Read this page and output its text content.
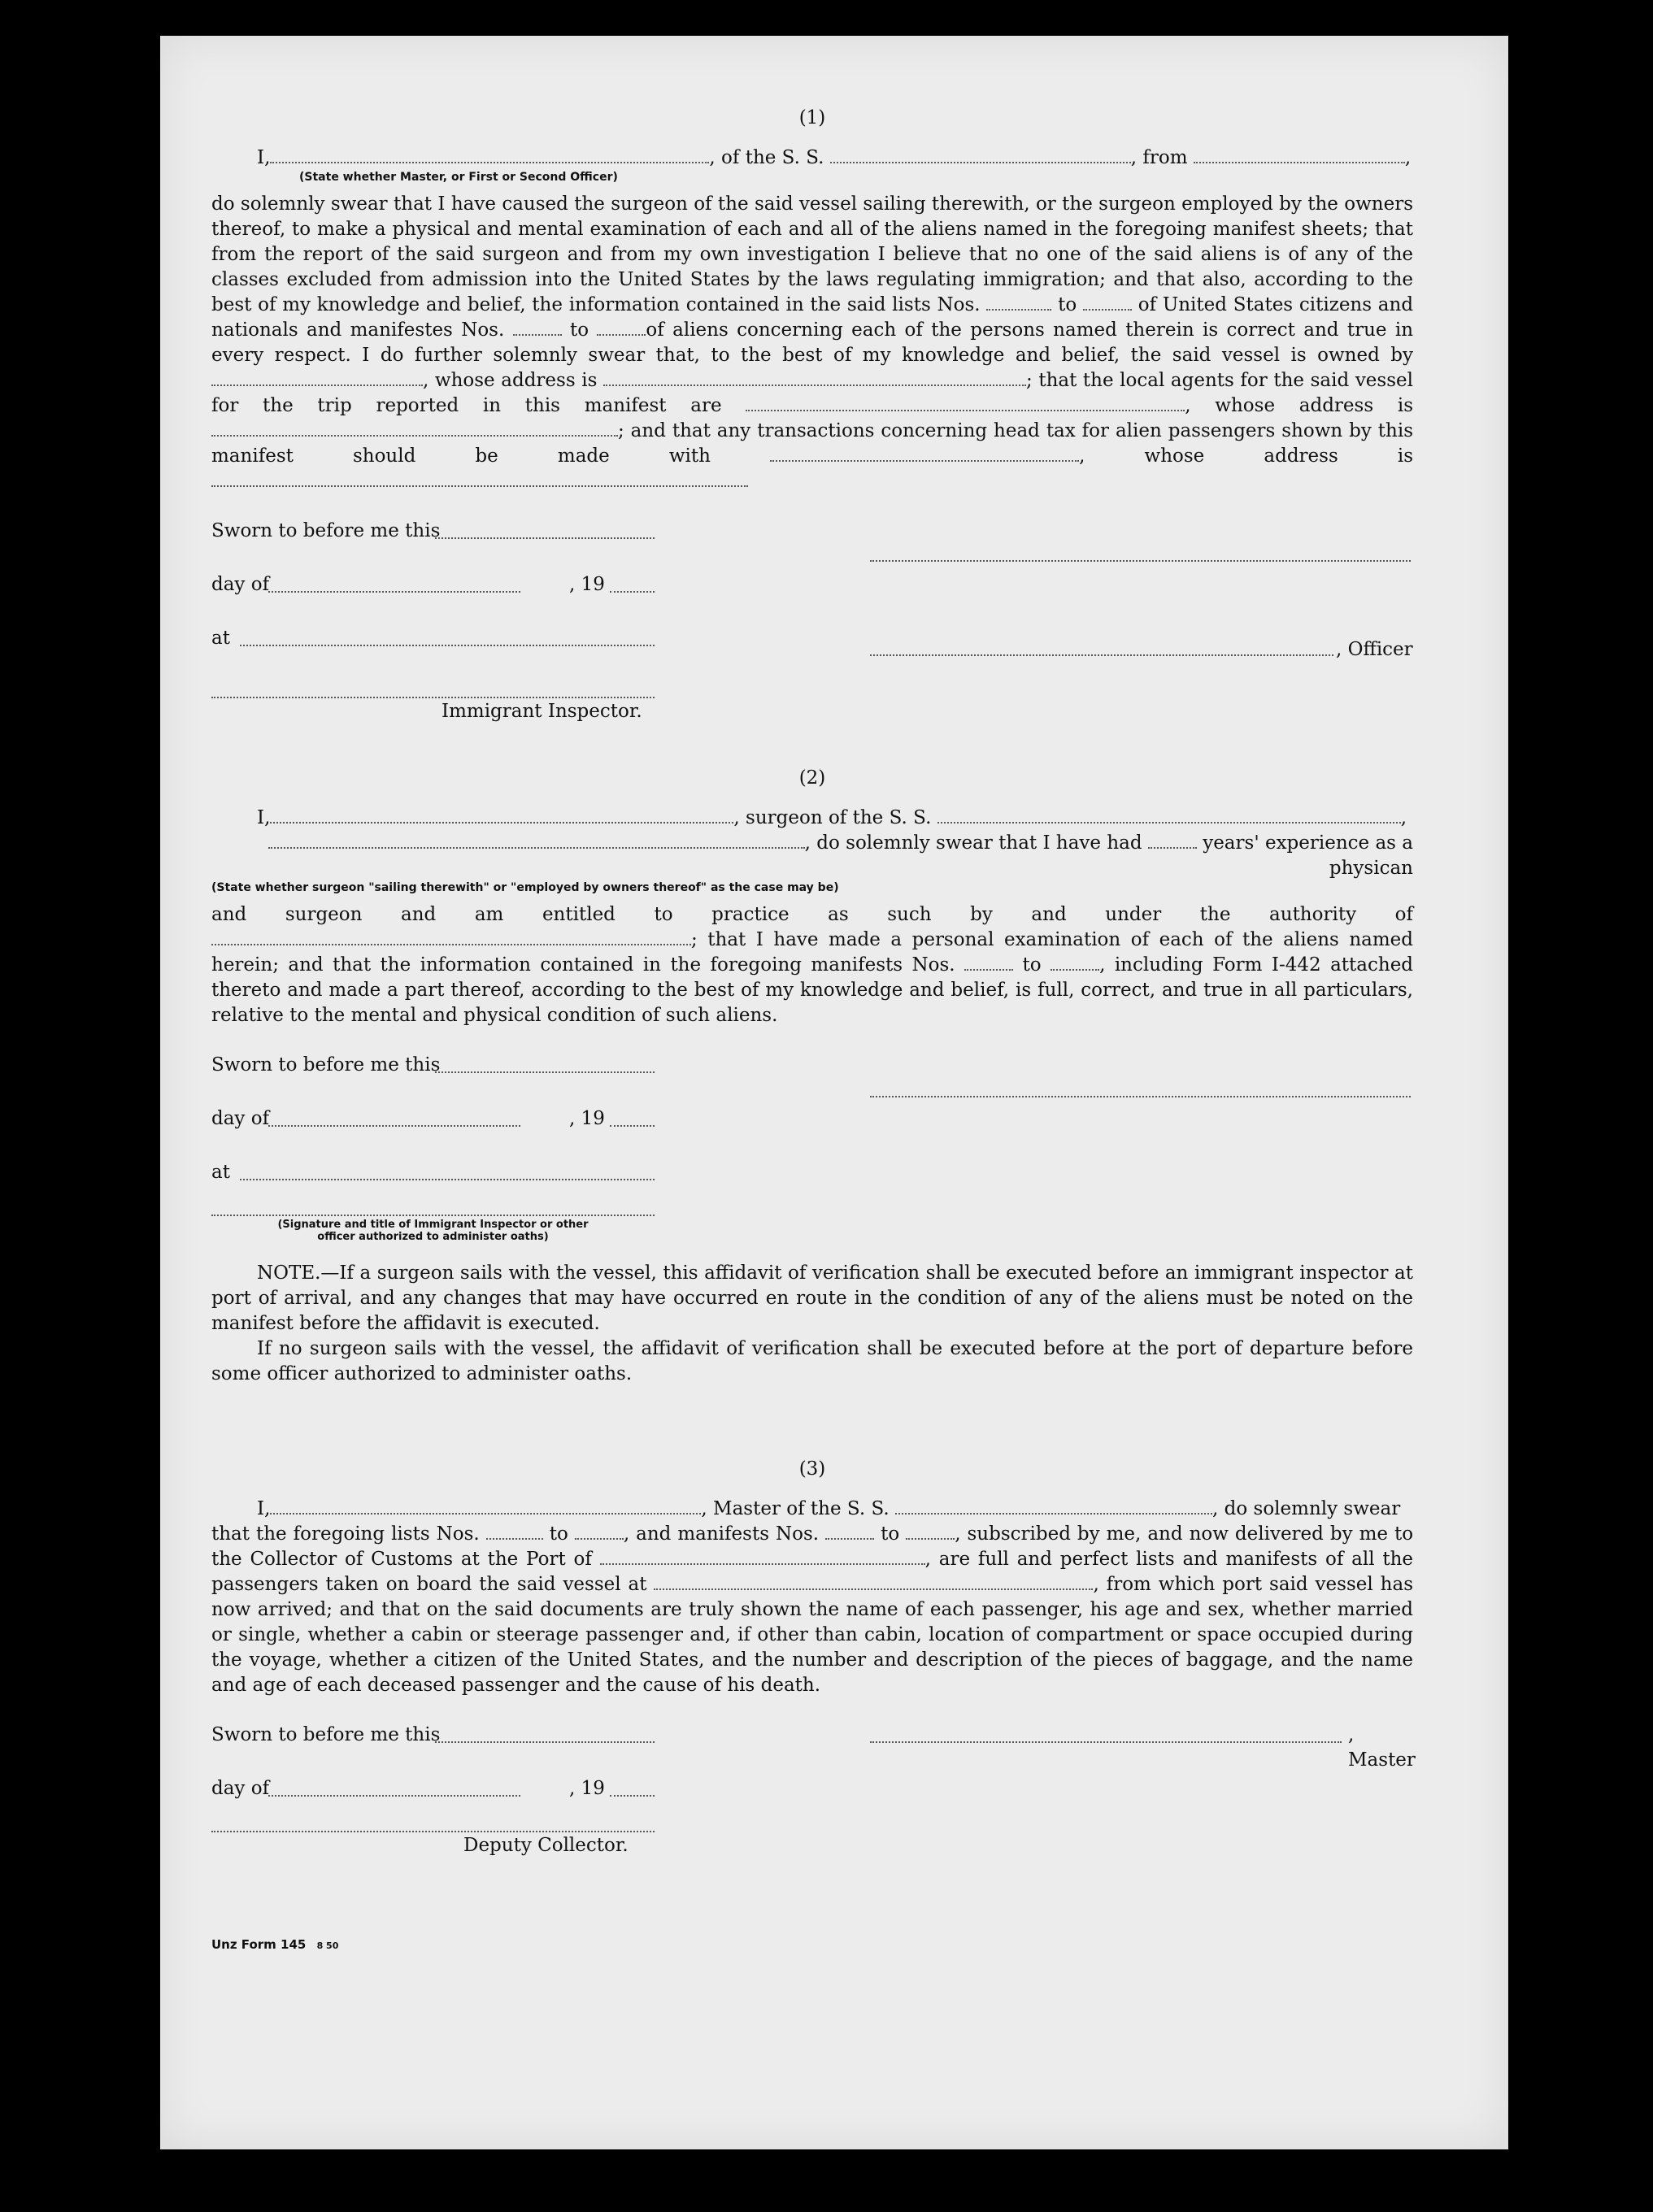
(1)

I,	, of the S. S.	, from	,

(State whether Master, or First or Second Officer)

do solemnly swear that I have caused the surgeon of the said vessel sailing therewith, or the surgeon employed by the owners thereof, to make a physical and mental examination of each and all of the aliens named in the foregoing manifest sheets; that from the report of the said surgeon and from my own investigation I believe that no one of the said aliens is of any of the classes excluded from admission into the United States by the laws regulating immigration; and that also, according to the best of my knowledge and belief, the information contained in the said lists Nos.	to	of United States citizens and nationals and manifestes Nos.	to	of aliens concerning each of the persons named therein is correct and true in every respect. I do further solemnly swear that, to the best of my knowledge and belief, the said vessel is owned by , whose address is	; that the local agents for the said vessel for the trip reported in this manifest are	, whose address is ; and that any transactions concerning head tax for alien passengers shown by this manifest should be made with	,	whose address is

Sworn to before me this
day of	, 19
at
, Officer
Immigrant Inspector.

(2)

I,	, surgeon of the S. S.	,

, do solemnly swear that I have had	years' experience as a physican

(State whether surgeon "sailing therewith" or "employed by owners thereof" as the case may be)

and surgeon and am entitled to practice as such by and under the authority of ; that I have made a personal examination of each of the aliens named herein; and that the information contained in the foregoing manifests Nos.	to	, including Form I-442 attached thereto and made a part thereof, according to the best of my knowledge and belief, is full, correct, and true in all particulars, relative to the mental and physical condition of such aliens.

Sworn to before me this
day of	, 19
at
(Signature and title of Immigrant Inspector or other
officer authorized to administer oaths)

NOTE.—If a surgeon sails with the vessel, this affidavit of verification shall be executed before an immigrant inspector at port of arrival, and any changes that may have occurred en route in the condition of any of the aliens must be noted on the manifest before the affidavit is executed.

If no surgeon sails with the vessel, the affidavit of verification shall be executed before at the port of departure before some officer authorized to administer oaths.

(3)

I,	, Master of the S. S.	, do solemnly swear

that the foregoing lists Nos.	to	, and manifests Nos.	to	, subscribed by me, and now delivered by me to the Collector of Customs at the Port of	, are full and perfect lists and manifests of all the passengers taken on board the said vessel at	, from which port said vessel has now arrived; and that on the said documents are truly shown the name of each passenger, his age and sex, whether married or single, whether a cabin or steerage passenger and, if other than cabin, location of compartment or space occupied during the voyage, whether a citizen of the United States, and the number and description of the pieces of baggage, and the name and age of each deceased passenger and the cause of his death.

Sworn to before me this	, Master
day of	, 19
Deputy Collector.
Unz Form 145 8 50
